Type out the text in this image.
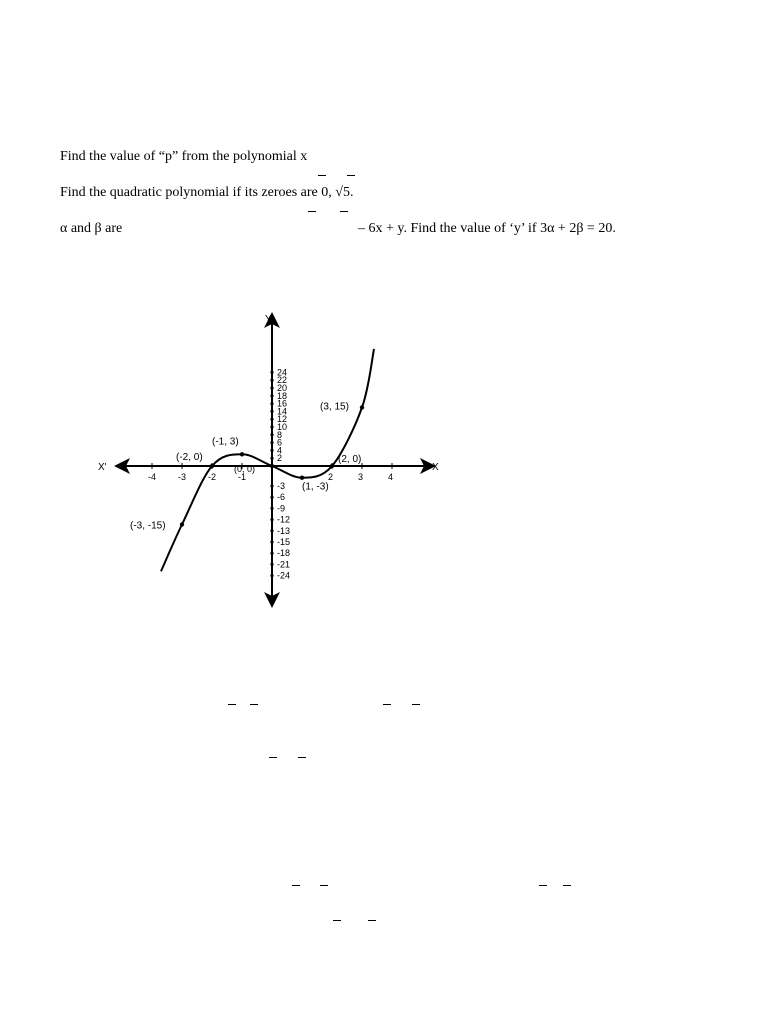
Find the value of “p” from the polynomial x
Find the quadratic polynomial if its zeroes are 0, √5.
α and β are	– 6x + y. Find the value of ‘y’ if 3α + 2β = 20.
X
X'
Y
-4 -3 -2 -1	2	3	4
2
4
6
8
10
12
14
16
18
20
22
24
-3
-6
-9
-12
-13
-15
-18
-21
-24
(-3, -15)
(-2, 0)
(-1, 3)
(0, 0)
(1, -3)
(2, 0)
(3, 15)
